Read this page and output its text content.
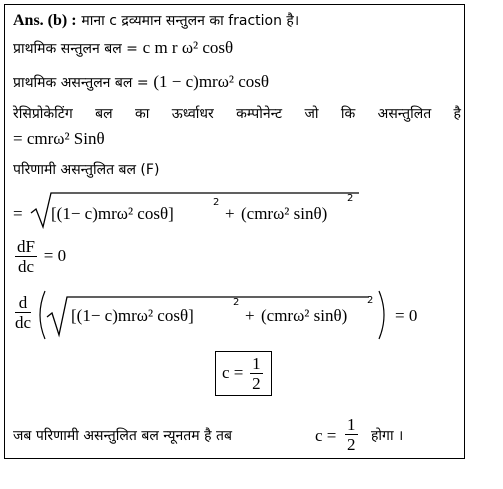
Ans. (b) : माना c द्रव्यमान सन्तुलन का fraction है।
प्राथमिक सन्तुलन बल = c m r ω² cosθ
प्राथमिक असन्तुलन बल = (1 − c)mrω² cosθ
रेसिप्रोकेटिंग बल का ऊर्ध्वाधर कम्पोनेन्ट जो कि असन्तुलित है
= cmrω² Sinθ
परिणामी असन्तुलित बल (F)
= [(1− c)mrω² cosθ]
2
+ (cmrω² sinθ)
2
$\frac{dF}{dc} = 0$
$\frac{d}{dc} [(1- c)mr\omega^2$ cosθ]
2
+ (cmrω² sinθ)
2
= 0
$c = \frac{1}{2}$
जब परिणामी असन्तुलित बल न्यूनतम है तब	$c = \frac{1}{2}$ होगा ।
